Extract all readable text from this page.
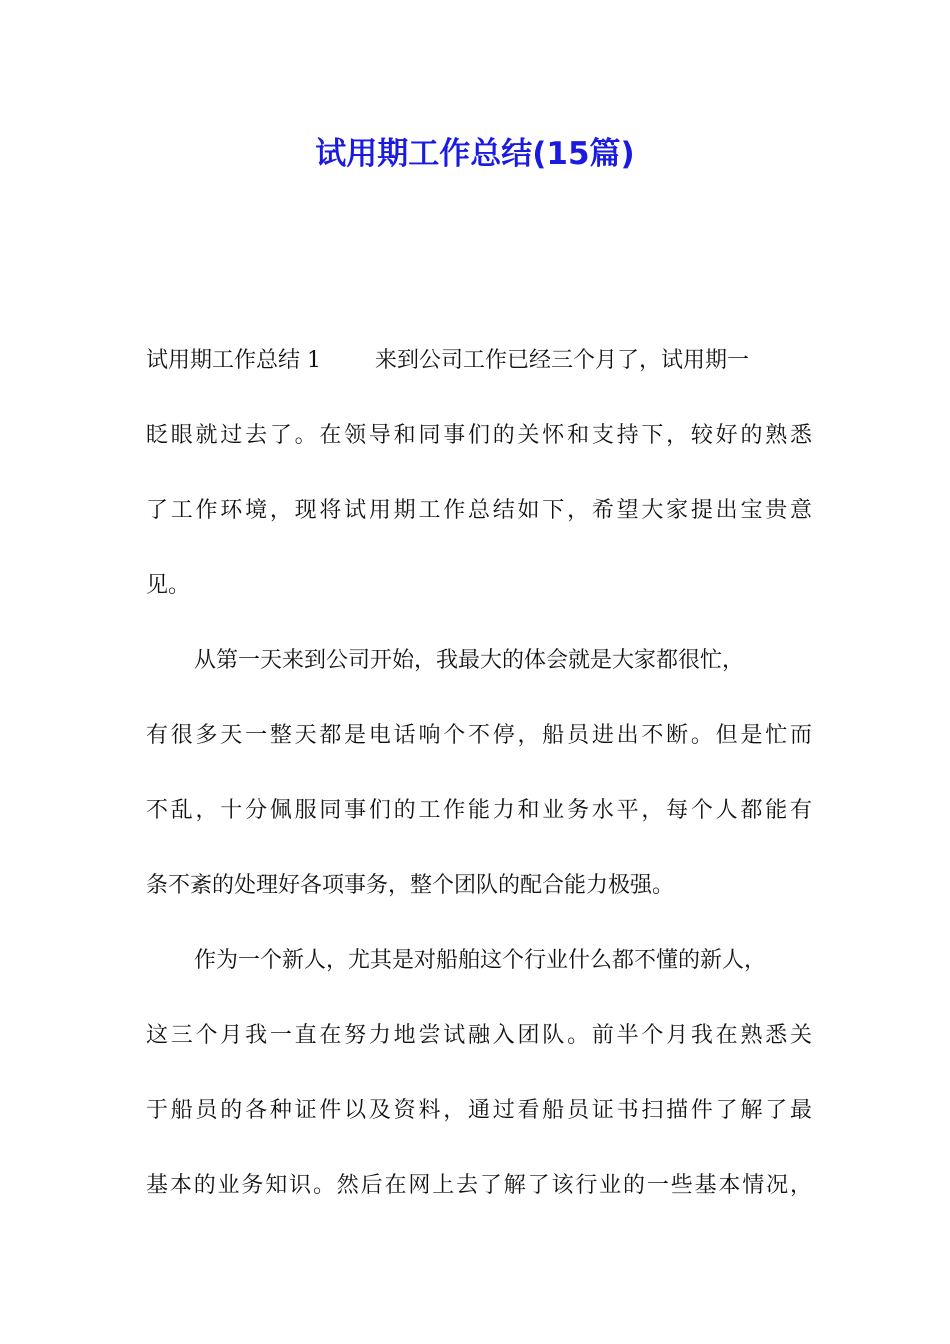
试用期工作总结(15篇)
试用期工作总结 1 来到公司工作已经三个月了，试用期一
眨眼就过去了。在领导和同事们的关怀和支持下，较好的熟悉
了工作环境，现将试用期工作总结如下，希望大家提出宝贵意
见。
从第一天来到公司开始，我最大的体会就是大家都很忙，
有很多天一整天都是电话响个不停，船员进出不断。但是忙而
不乱，十分佩服同事们的工作能力和业务水平，每个人都能有
条不紊的处理好各项事务，整个团队的配合能力极强。
作为一个新人，尤其是对船舶这个行业什么都不懂的新人，
这三个月我一直在努力地尝试融入团队。前半个月我在熟悉关
于船员的各种证件以及资料，通过看船员证书扫描件了解了最
基本的业务知识。然后在网上去了解了该行业的一些基本情况，
